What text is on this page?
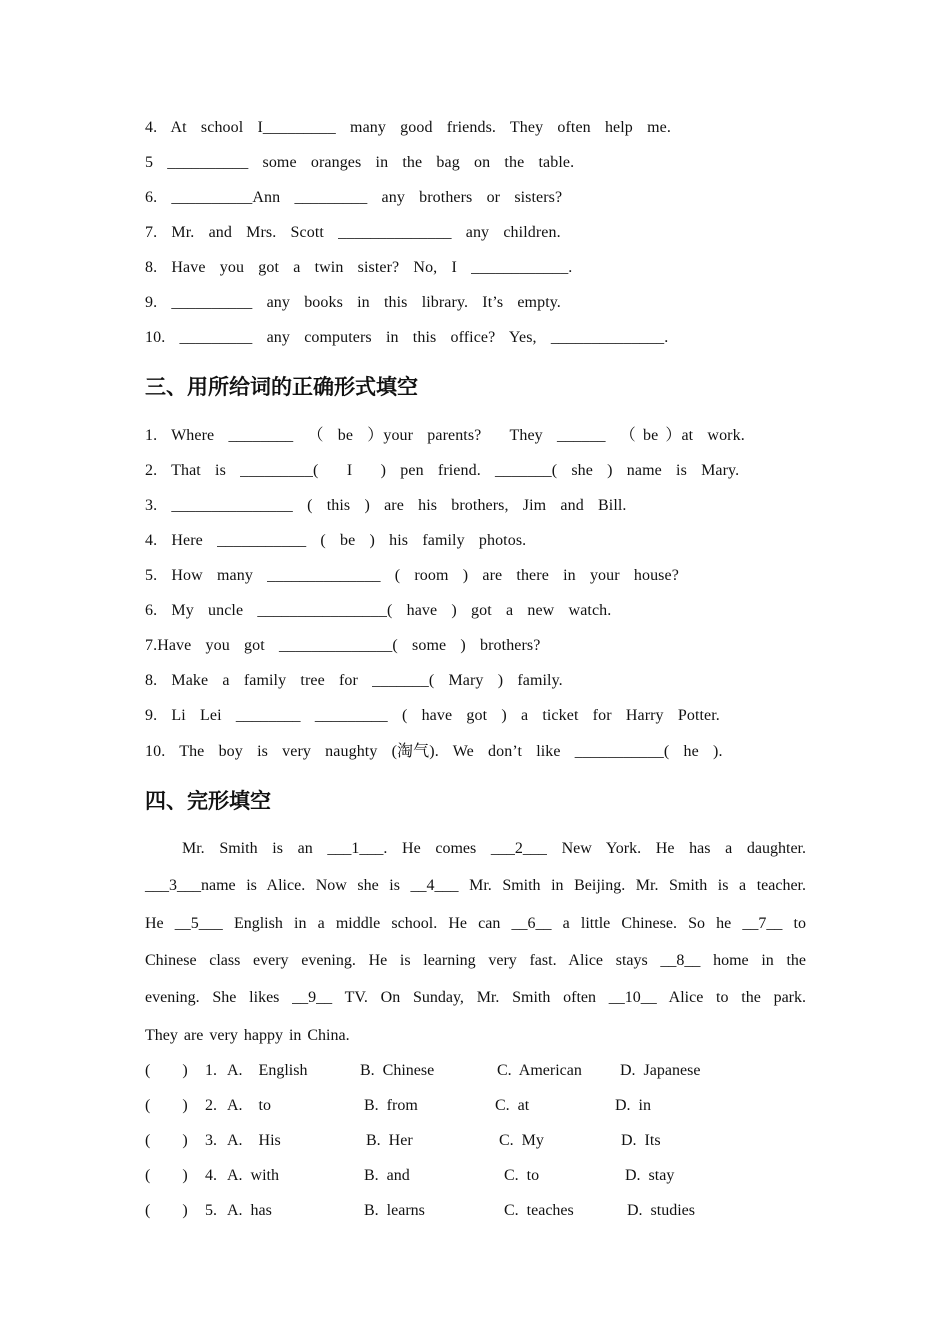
4.  At  school  I_________  many  good  friends.  They  often  help  me.
5  __________  some  oranges  in  the  bag  on  the  table.
6.  __________Ann  _________  any  brothers  or  sisters?
7.  Mr.  and  Mrs.  Scott  ______________  any  children.
8.  Have  you  got  a  twin  sister?  No,  I  ____________.
9.  __________  any  books  in  this  library.  It’s  empty.
10.  _________  any  computers  in  this  office?  Yes,  ______________.
三、用所给词的正确形式填空
1.  Where  ________  （  be  ）your  parents?    They  ______  （ be ）at  work.
2.  That  is  _________(    I    )  pen  friend.  _______(  she  )  name  is  Mary.
3.  _______________  (  this  )  are  his  brothers,  Jim  and  Bill.
4.  Here  ___________  (  be  )  his  family  photos.
5.  How  many  ______________  (  room  )  are  there  in  your  house?
6.  My  uncle  ________________(  have  )  got  a  new  watch.
7.Have  you  got  ______________(  some  )  brothers?
8.  Make  a  family  tree  for  _______(  Mary  )  family.
9.  Li  Lei  ________  _________  (  have  got  )  a  ticket  for  Harry  Potter.
10.  The  boy  is  very  naughty  (淘气).  We  don’t  like  ___________(  he  ).
四、完形填空
Mr. Smith is an ___1___. He comes ___2___ New York. He has a daughter.
___3___name is Alice. Now she is __4___ Mr. Smith in Beijing. Mr. Smith is a teacher.
He __5___ English in a middle school. He can __6__ a little Chinese. So he __7__ to
Chinese class every evening. He is learning very fast. Alice stays __8__ home in the
evening. She likes __9__ TV. On Sunday, Mr. Smith often __10__ Alice to the park.
They are very happy in China.
(        ) 1. A.    English	B.  Chinese	C.  American D.  Japanese
(        ) 2. A.    to	B.  from	C.  at	D.  in
(        ) 3. A.    His	B.  Her	C.  My	D.  Its
(        ) 4. A.  with	B.  and	C.  to	D.  stay
(        ) 5. A.  has	B.  learns	C.  teaches	D.  studies
